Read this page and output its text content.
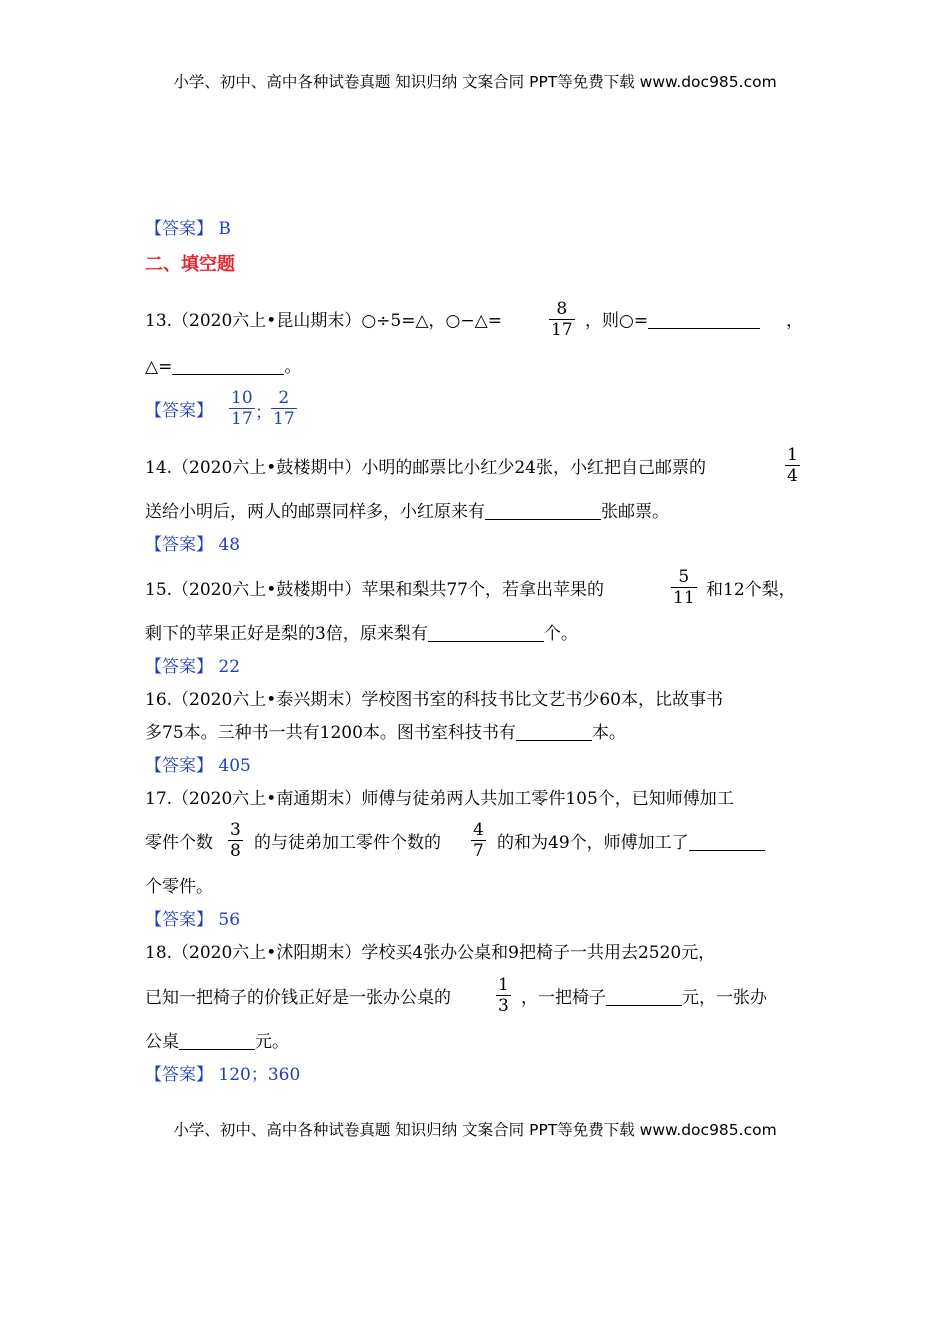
小学、初中、高中各种试卷真题 知识归纳 文案合同 PPT等免费下载 www.doc985.com
【答案】 B
二、填空题
13.（2020六上•昆山期末）○÷5=△，○−△=	$\frac{8}{17}$ ，则○=	，
△=	。
【答案】 $\frac{10}{17}$ ； $\frac{2}{17}$
14.（2020六上•鼓楼期中）小明的邮票比小红少24张，小红把自己邮票的	$\frac{1}{4}$
送给小明后，两人的邮票同样多，小红原来有	张邮票。
【答案】 48
15.（2020六上•鼓楼期中）苹果和梨共77个，若拿出苹果的	$\frac{5}{11}$ 和12个梨，
剩下的苹果正好是梨的3倍，原来梨有	个。
【答案】 22
16.（2020六上•泰兴期末）学校图书室的科技书比文艺书少60本，比故事书
多75本。三种书一共有1200本。图书室科技书有	本。
【答案】 405
17.（2020六上•南通期末）师傅与徒弟两人共加工零件105个，已知师傅加工
零件个数 $\frac{3}{8}$ 的与徒弟加工零件个数的 $\frac{4}{7}$ 的和为49个，师傅加工了
个零件。
【答案】 56
18.（2020六上•沭阳期末）学校买4张办公桌和9把椅子一共用去2520元，
已知一把椅子的价钱正好是一张办公桌的	$\frac{1}{3}$ ，一把椅子	元，一张办
公桌	元。
【答案】 120；360
小学、初中、高中各种试卷真题 知识归纳 文案合同 PPT等免费下载 www.doc985.com
